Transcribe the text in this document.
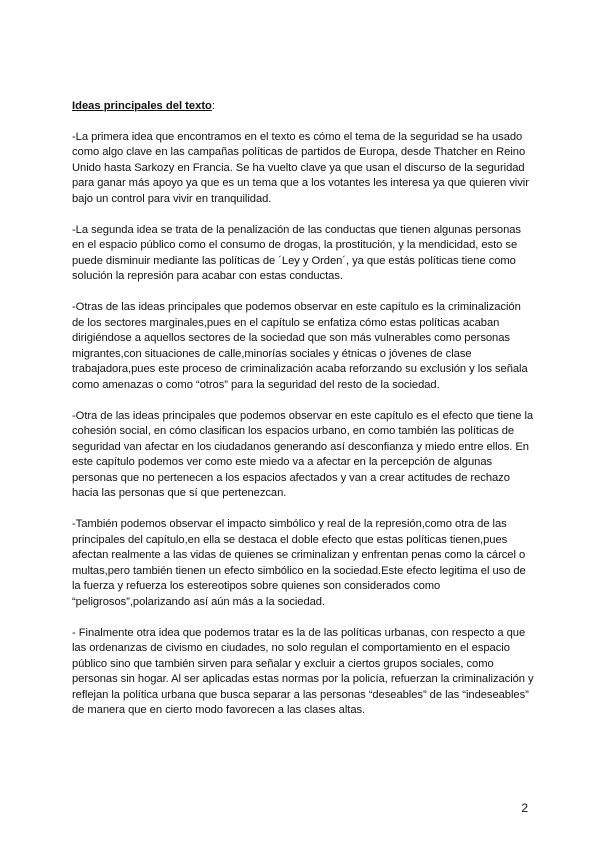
Ideas principales del texto:

-La primera idea que encontramos en el texto es cómo el tema de la seguridad se ha usado como algo clave en las campañas políticas de partidos de Europa, desde Thatcher en Reino Unido hasta Sarkozy en Francia. Se ha vuelto clave ya que usan el discurso de la seguridad para ganar más apoyo ya que es un tema que a los votantes les interesa ya que quieren vivir bajo un control para vivir en tranquilidad.

-La segunda idea se trata de la penalización de las conductas que tienen algunas personas en el espacio público como el consumo de drogas, la prostitución, y la mendicidad, esto se puede disminuir mediante las políticas de ´Ley y Orden´, ya que estás políticas tiene como solución la represión para acabar con estas conductas.

-Otras de las ideas principales que podemos observar en este capítulo es la criminalización de los sectores marginales,pues en el capítulo se enfatiza cómo estas políticas acaban dirigiéndose a aquellos sectores de la sociedad que son más vulnerables como personas migrantes,con situaciones de calle,minorías sociales y étnicas o jóvenes de clase trabajadora,pues este proceso de criminalización acaba reforzando su exclusión y los señala como amenazas o como “otros” para la seguridad del resto de la sociedad.

-Otra de las ideas principales que podemos observar en este capítulo es el efecto que tiene la cohesión social, en cómo clasifican los espacios urbano, en como también las políticas de seguridad van afectar en los ciudadanos generando así desconfianza y miedo entre ellos. En este capítulo podemos ver como este miedo va a afectar en la percepción de algunas personas que no pertenecen a los espacios afectados y van a crear actitudes de rechazo hacia las personas que sí que pertenezcan.

-También podemos observar el impacto simbólico y real de la represión,como otra de las principales del capítulo,en ella se destaca el doble efecto que estas políticas tienen,pues afectan realmente a las vidas de quienes se criminalizan y enfrentan penas como la cárcel o multas,pero también tienen un efecto simbólico en la sociedad.Este efecto legitima el uso de la fuerza y refuerza los estereotipos sobre quienes son considerados como “peligrosos”,polarizando así aún más a la sociedad.

- Finalmente otra idea que podemos tratar es la de las políticas urbanas, con respecto a que las ordenanzas de civismo en ciudades, no solo regulan el comportamiento en el espacio público sino que también sirven para señalar y excluir a ciertos grupos sociales, como personas sin hogar. Al ser aplicadas estas normas por la policía, refuerzan la criminalización y reflejan la política urbana que busca separar a las personas “deseables” de las “indeseables” de manera que en cierto modo favorecen a las clases altas.

2
